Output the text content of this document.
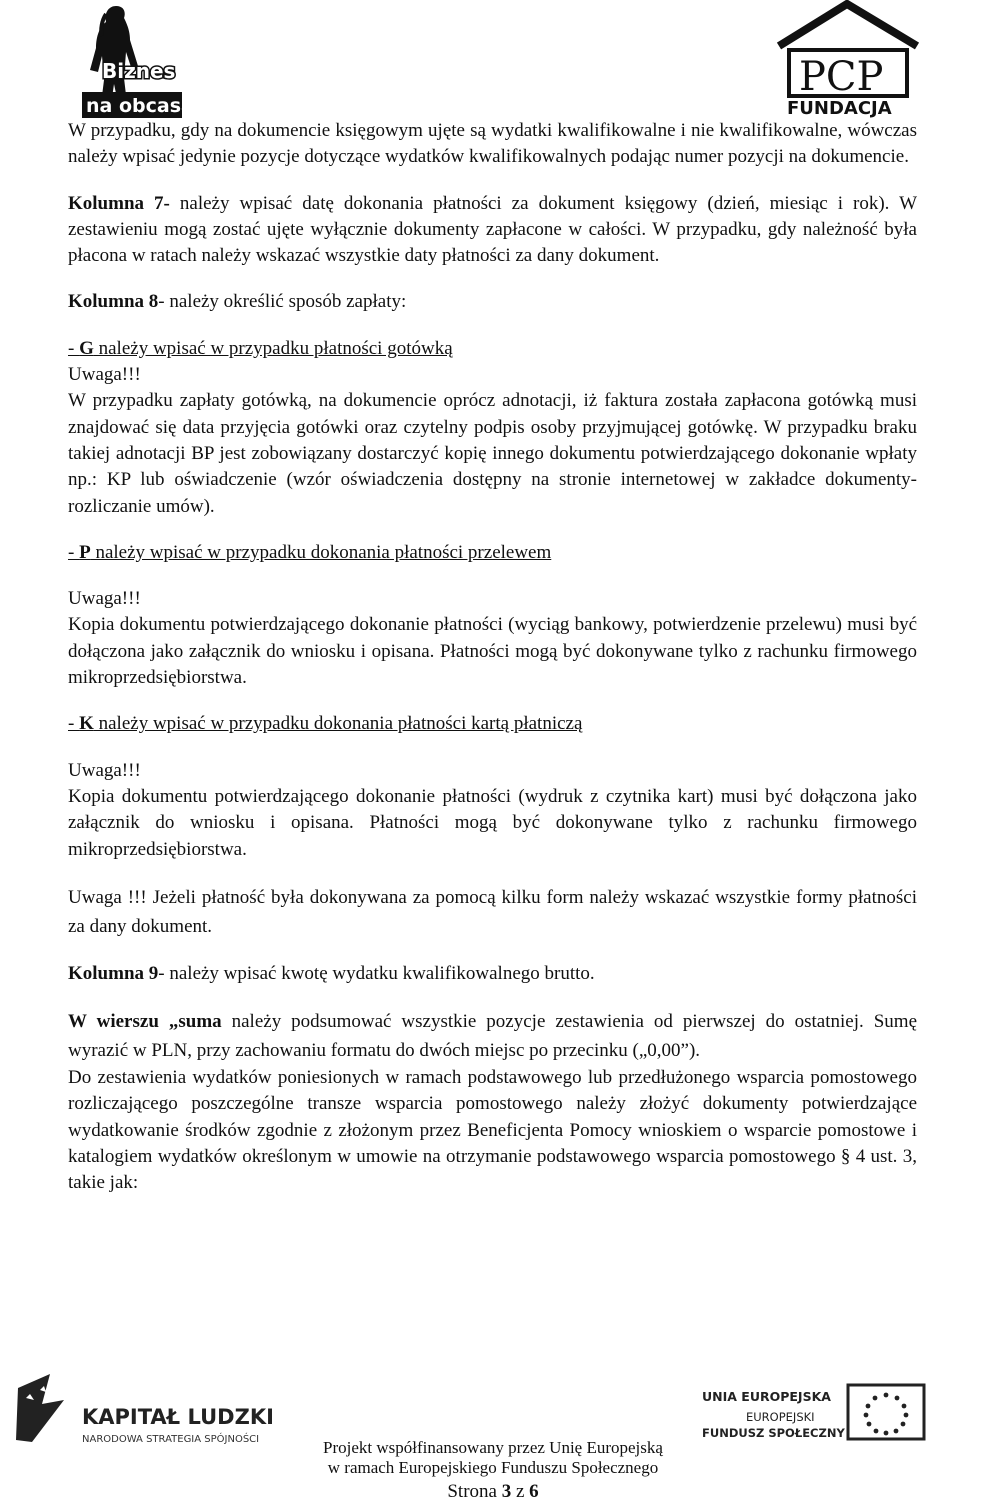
Biznes
na obcasach
PCP
FUNDACJA

W przypadku, gdy na dokumencie księgowym ujęte są wydatki kwalifikowalne i nie kwalifikowalne, wówczas należy wpisać jedynie pozycje dotyczące wydatków kwalifikowalnych podając numer pozycji na dokumencie.

Kolumna 7- należy wpisać datę dokonania płatności za dokument księgowy (dzień, miesiąc i rok). W zestawieniu mogą zostać ujęte wyłącznie dokumenty zapłacone w całości. W przypadku, gdy należność była płacona w ratach należy wskazać wszystkie daty płatności za dany dokument.

Kolumna 8- należy określić sposób zapłaty:

- G należy wpisać w przypadku płatności gotówką

Uwaga!!!

W przypadku zapłaty gotówką, na dokumencie oprócz adnotacji, iż faktura została zapłacona gotówką musi znajdować się data przyjęcia gotówki oraz czytelny podpis osoby przyjmującej gotówkę. W przypadku braku takiej adnotacji BP jest zobowiązany dostarczyć kopię innego dokumentu potwierdzającego dokonanie wpłaty np.: KP lub oświadczenie (wzór oświadczenia dostępny na stronie internetowej w zakładce dokumenty- rozliczanie umów).

- P należy wpisać w przypadku dokonania płatności przelewem

Uwaga!!!

Kopia dokumentu potwierdzającego dokonanie płatności (wyciąg bankowy, potwierdzenie przelewu) musi być dołączona jako załącznik do wniosku i opisana. Płatności mogą być dokonywane tylko z rachunku firmowego mikroprzedsiębiorstwa.

- K należy wpisać w przypadku dokonania płatności kartą płatniczą

Uwaga!!!

Kopia dokumentu potwierdzającego dokonanie płatności (wydruk z czytnika kart) musi być dołączona jako załącznik do wniosku i opisana. Płatności mogą być dokonywane tylko z rachunku firmowego mikroprzedsiębiorstwa.

Uwaga !!! Jeżeli płatność była dokonywana za pomocą kilku form należy wskazać wszystkie formy płatności za dany dokument.

Kolumna 9- należy wpisać kwotę wydatku kwalifikowalnego brutto.

W wierszu „suma należy podsumować wszystkie pozycje zestawienia od pierwszej do ostatniej. Sumę wyrazić w PLN, przy zachowaniu formatu do dwóch miejsc po przecinku („0,00”).

Do zestawienia wydatków poniesionych w ramach podstawowego lub przedłużonego wsparcia pomostowego rozliczającego poszczególne transze wsparcia pomostowego należy złożyć dokumenty potwierdzające wydatkowanie środków zgodnie z złożonym przez Beneficjenta Pomocy wnioskiem o wsparcie pomostowe i katalogiem wydatków określonym w umowie na otrzymanie podstawowego wsparcia pomostowego § 4 ust. 3, takie jak:

KAPITAŁ LUDZKI
NARODOWA STRATEGIA SPÓJNOŚCI
UNIA EUROPEJSKA
EUROPEJSKI
FUNDUSZ SPOŁECZNY
Projekt współfinansowany przez Unię Europejską
w ramach Europejskiego Funduszu Społecznego
Strona 3 z 6
